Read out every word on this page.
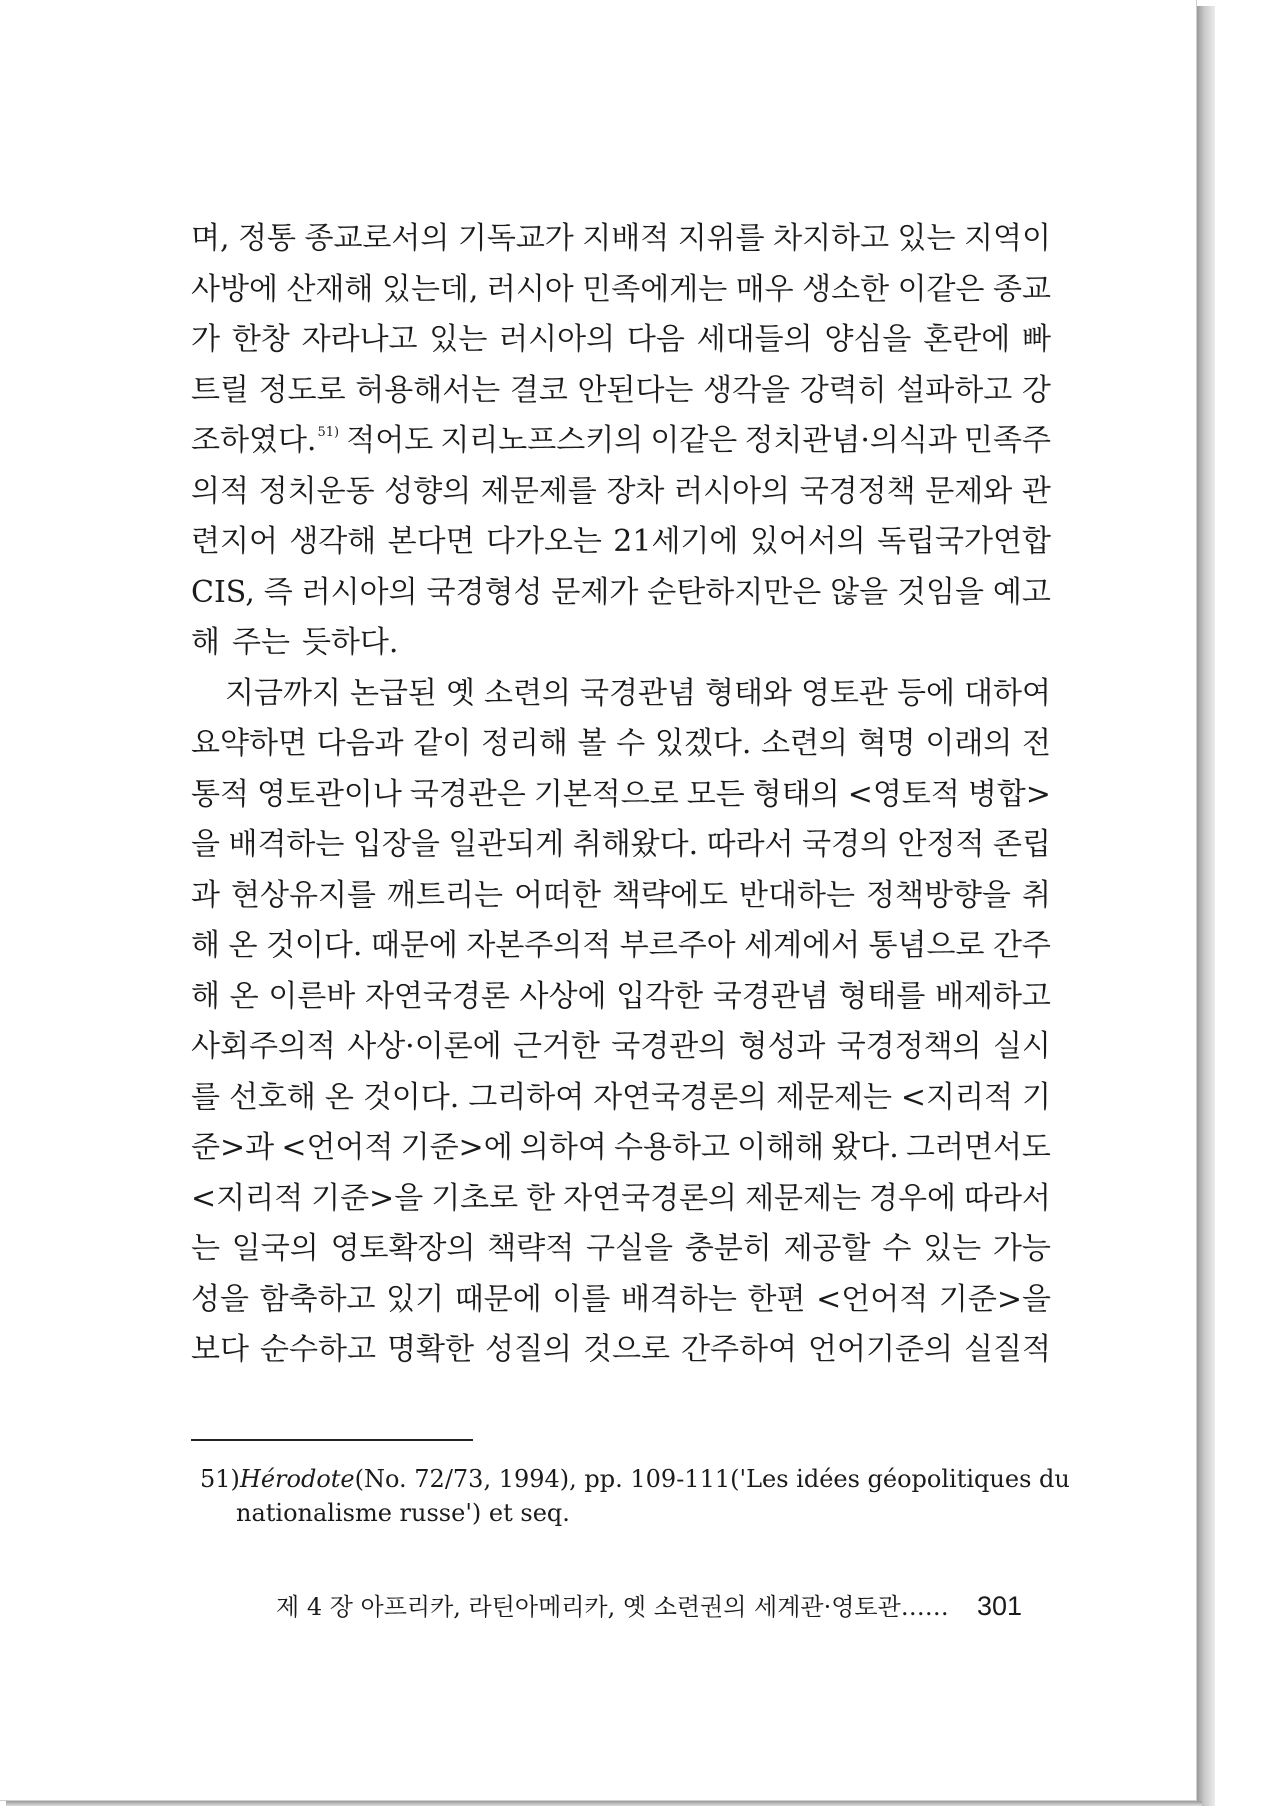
며, 정통 종교로서의 기독교가 지배적 지위를 차지하고 있는 지역이
사방에 산재해 있는데, 러시아 민족에게는 매우 생소한 이같은 종교
가 한창 자라나고 있는 러시아의 다음 세대들의 양심을 혼란에 빠
트릴 정도로 허용해서는 결코 안된다는 생각을 강력히 설파하고 강
조하였다.$^{51)}$ 적어도 지리노프스키의 이같은 정치관념·의식과 민족주
의적 정치운동 성향의 제문제를 장차 러시아의 국경정책 문제와 관
련지어 생각해 본다면 다가오는 21세기에 있어서의 독립국가연합
CIS, 즉 러시아의 국경형성 문제가 순탄하지만은 않을 것임을 예고
해 주는 듯하다.
지금까지 논급된 옛 소련의 국경관념 형태와 영토관 등에 대하여
요약하면 다음과 같이 정리해 볼 수 있겠다. 소련의 혁명 이래의 전
통적 영토관이나 국경관은 기본적으로 모든 형태의 <영토적 병합>
을 배격하는 입장을 일관되게 취해왔다. 따라서 국경의 안정적 존립
과 현상유지를 깨트리는 어떠한 책략에도 반대하는 정책방향을 취
해 온 것이다. 때문에 자본주의적 부르주아 세계에서 통념으로 간주
해 온 이른바 자연국경론 사상에 입각한 국경관념 형태를 배제하고
사회주의적 사상·이론에 근거한 국경관의 형성과 국경정책의 실시
를 선호해 온 것이다. 그리하여 자연국경론의 제문제는 <지리적 기
준>과 <언어적 기준>에 의하여 수용하고 이해해 왔다. 그러면서도
<지리적 기준>을 기초로 한 자연국경론의 제문제는 경우에 따라서
는 일국의 영토확장의 책략적 구실을 충분히 제공할 수 있는 가능
성을 함축하고 있기 때문에 이를 배격하는 한편 <언어적 기준>을
보다 순수하고 명확한 성질의 것으로 간주하여 언어기준의 실질적
51) Hérodote (No. 72/73, 1994), pp. 109-111('Les idées géopolitiques du
nationalisme russe') et seq.
제 4 장 아프리카, 라틴아메리카, 옛 소련권의 세계관·영토관…… 301
